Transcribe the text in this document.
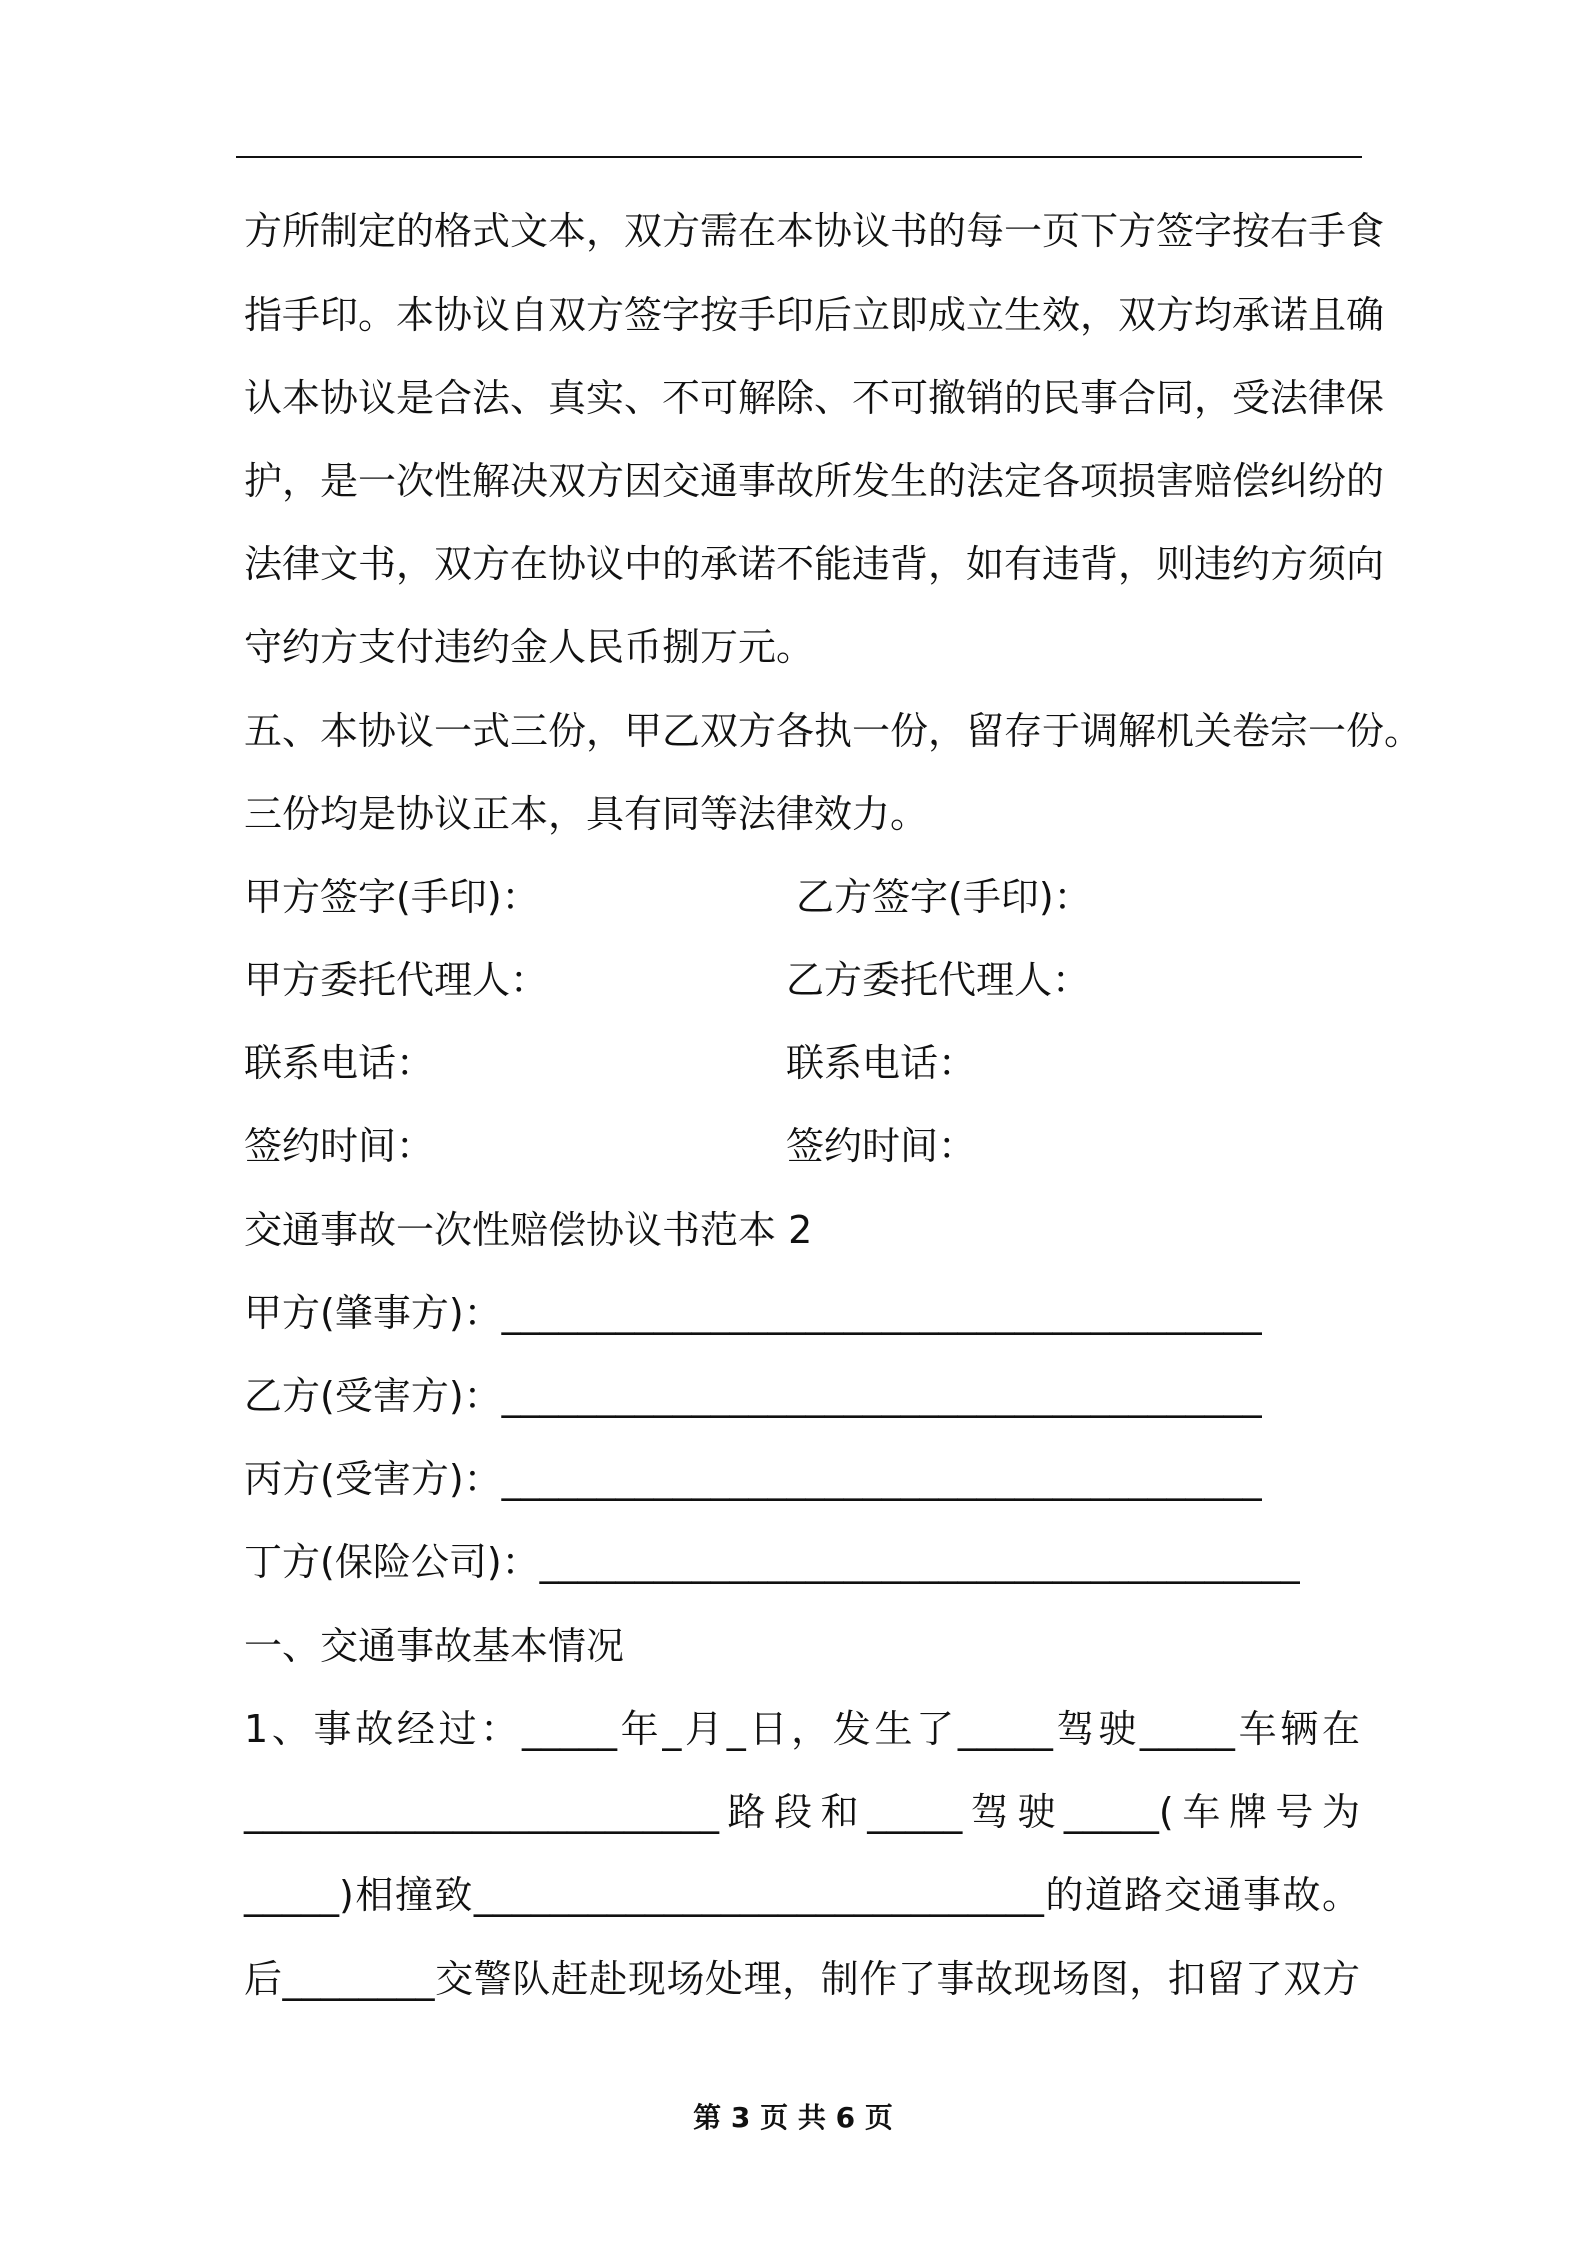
方所制定的格式文本，双方需在本协议书的每一页下方签字按右手食
指手印。本协议自双方签字按手印后立即成立生效，双方均承诺且确
认本协议是合法、真实、不可解除、不可撤销的民事合同，受法律保
护，是一次性解决双方因交通事故所发生的法定各项损害赔偿纠纷的
法律文书，双方在协议中的承诺不能违背，如有违背，则违约方须向
守约方支付违约金人民币捌万元。
五、本协议一式三份，甲乙双方各执一份，留存于调解机关卷宗一份。
三份均是协议正本，具有同等法律效力。
甲方签字(手印)：	乙方签字(手印)：
甲方委托代理人：	乙方委托代理人：
联系电话：	联系电话：
签约时间：	签约时间：
交通事故一次性赔偿协议书范本 2
甲方(肇事方)：________________________________________
乙方(受害方)：________________________________________
丙方(受害方)：________________________________________
丁方(保险公司)：________________________________________
一、交通事故基本情况
1、事故经过：_____年_月_日，发生了_____驾驶_____车辆在
_________________________路段和_____驾驶_____(车牌号为
_____)相撞致______________________________的道路交通事故。
后________交警队赶赴现场处理，制作了事故现场图，扣留了双方
第 3 页 共 6 页
